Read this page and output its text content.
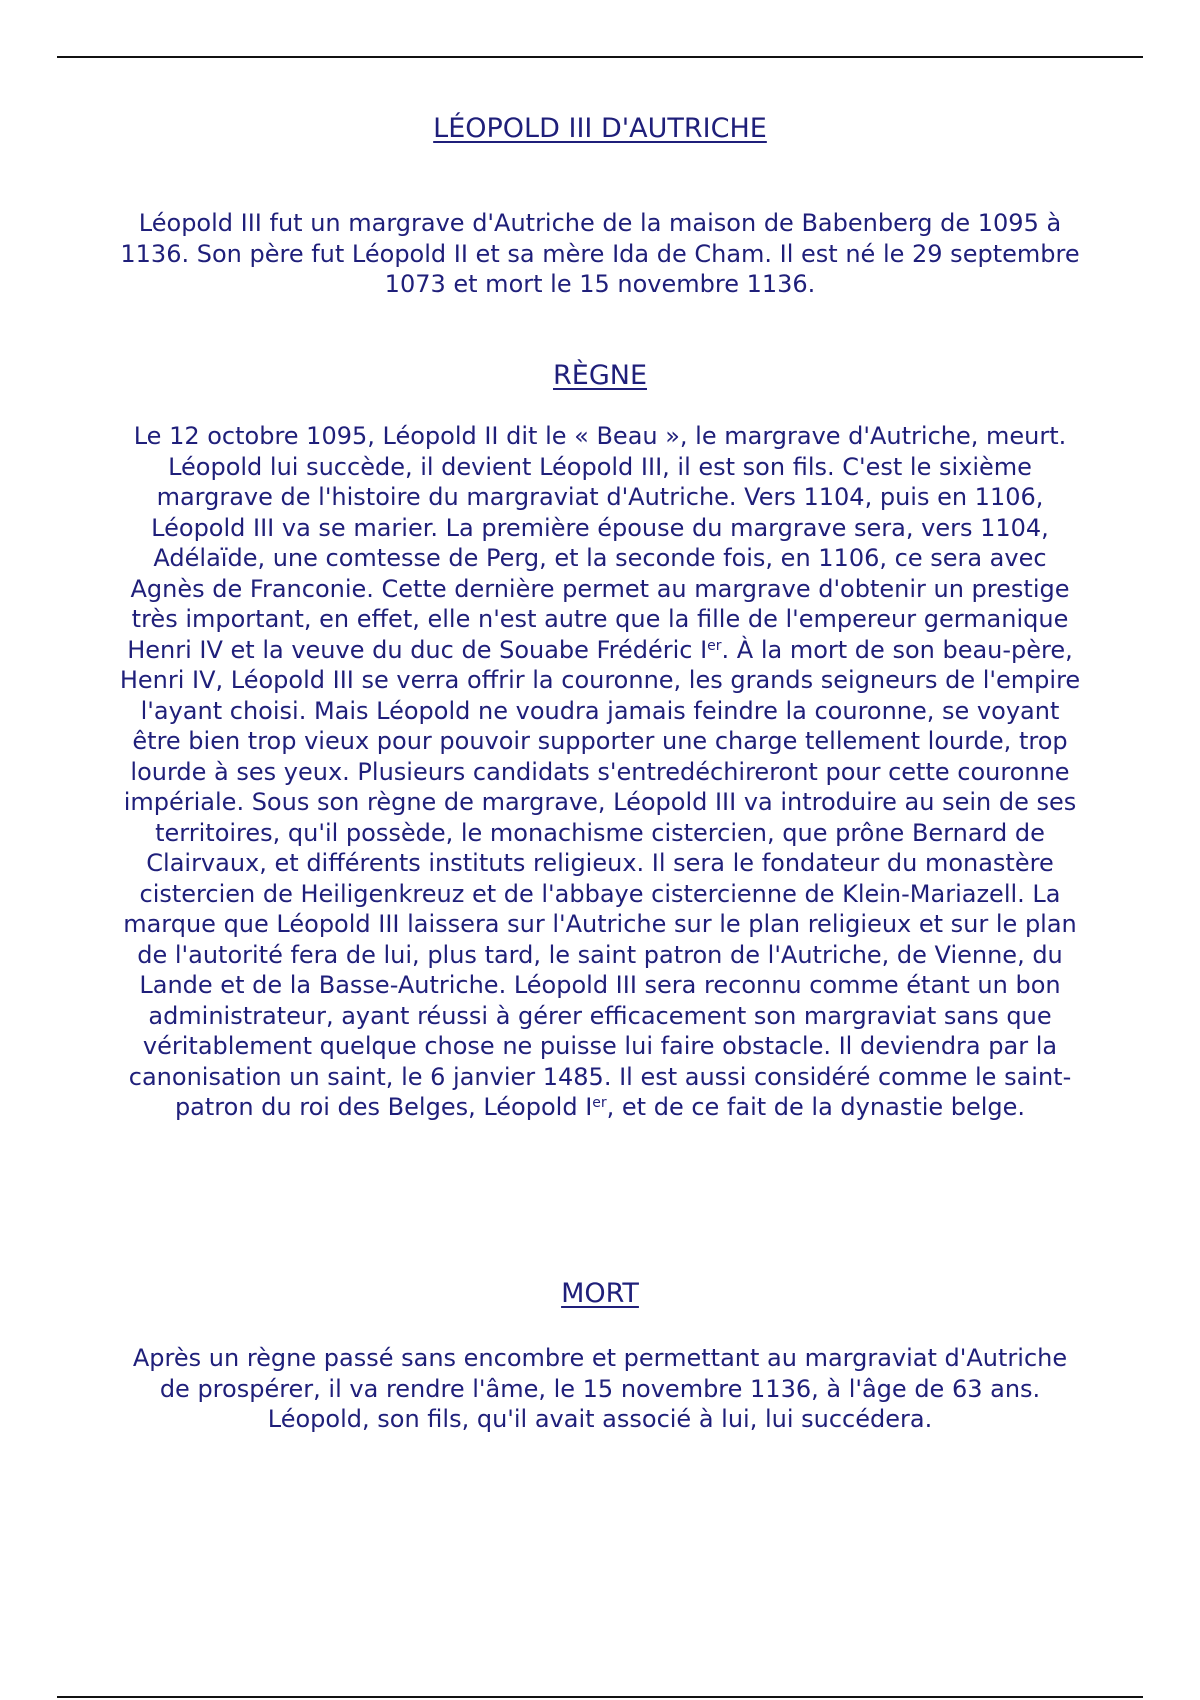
LÉOPOLD III D'AUTRICHE

Léopold III fut un margrave d'Autriche de la maison de Babenberg de 1095 à 1136. Son père fut Léopold II et sa mère Ida de Cham. Il est né le 29 septembre 1073 et mort le 15 novembre 1136.

RÈGNE

Le 12 octobre 1095, Léopold II dit le « Beau », le margrave d'Autriche, meurt. Léopold lui succède, il devient Léopold III, il est son fils. C'est le sixième margrave de l'histoire du margraviat d'Autriche. Vers 1104, puis en 1106, Léopold III va se marier. La première épouse du margrave sera, vers 1104, Adélaïde, une comtesse de Perg, et la seconde fois, en 1106, ce sera avec Agnès de Franconie. Cette dernière permet au margrave d'obtenir un prestige très important, en effet, elle n'est autre que la fille de l'empereur germanique Henri IV et la veuve du duc de Souabe Frédéric Ier. À la mort de son beau-père, Henri IV, Léopold III se verra offrir la couronne, les grands seigneurs de l'empire l'ayant choisi. Mais Léopold ne voudra jamais feindre la couronne, se voyant être bien trop vieux pour pouvoir supporter une charge tellement lourde, trop lourde à ses yeux. Plusieurs candidats s'entredéchireront pour cette couronne impériale. Sous son règne de margrave, Léopold III va introduire au sein de ses territoires, qu'il possède, le monachisme cistercien, que prône Bernard de Clairvaux, et différents instituts religieux. Il sera le fondateur du monastère cistercien de Heiligenkreuz et de l'abbaye cistercienne de Klein-Mariazell. La marque que Léopold III laissera sur l'Autriche sur le plan religieux et sur le plan de l'autorité fera de lui, plus tard, le saint patron de l'Autriche, de Vienne, du Lande et de la Basse-Autriche. Léopold III sera reconnu comme étant un bon administrateur, ayant réussi à gérer efficacement son margraviat sans que véritablement quelque chose ne puisse lui faire obstacle. Il deviendra par la canonisation un saint, le 6 janvier 1485. Il est aussi considéré comme le saint-patron du roi des Belges, Léopold Ier, et de ce fait de la dynastie belge.

MORT

Après un règne passé sans encombre et permettant au margraviat d'Autriche de prospérer, il va rendre l'âme, le 15 novembre 1136, à l'âge de 63 ans. Léopold, son fils, qu'il avait associé à lui, lui succédera.
